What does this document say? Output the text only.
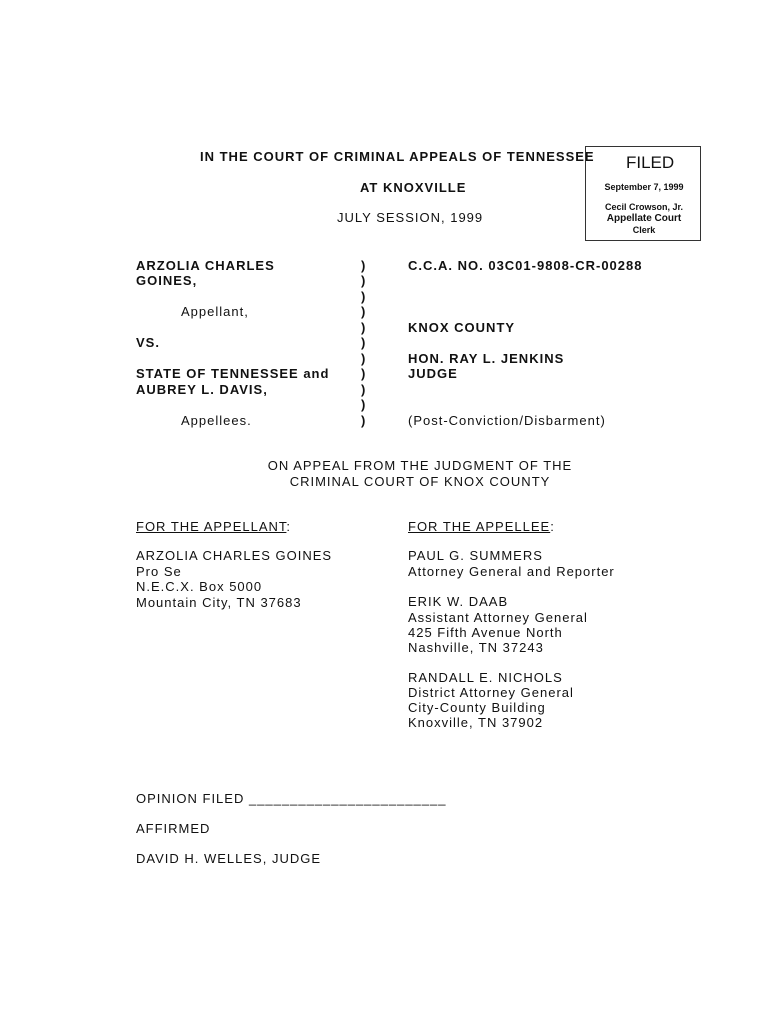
IN THE COURT OF CRIMINAL APPEALS OF TENNESSEE
AT KNOXVILLE
JULY SESSION, 1999
FILED
September 7, 1999
Cecil Crowson, Jr.
Appellate Court
Clerk
ARZOLIA CHARLES
GOINES,
Appellant,
VS.
STATE OF TENNESSEE and
AUBREY L. DAVIS,
Appellees.
)
)
)
)
)
)
)
)
)
)
)
C.C.A. NO. 03C01-9808-CR-00288
KNOX COUNTY
HON. RAY L. JENKINS
JUDGE
(Post-Conviction/Disbarment)
ON APPEAL FROM THE JUDGMENT OF THE
CRIMINAL COURT OF KNOX COUNTY
FOR THE APPELLANT:	FOR THE APPELLEE:
ARZOLIA CHARLES GOINES
Pro Se
N.E.C.X. Box 5000
Mountain City, TN 37683
PAUL G. SUMMERS
Attorney General and Reporter
ERIK W. DAAB
Assistant Attorney General
425 Fifth Avenue North
Nashville, TN 37243
RANDALL E. NICHOLS
District Attorney General
City-County Building
Knoxville, TN 37902
OPINION FILED ________________________
AFFIRMED
DAVID H. WELLES, JUDGE
